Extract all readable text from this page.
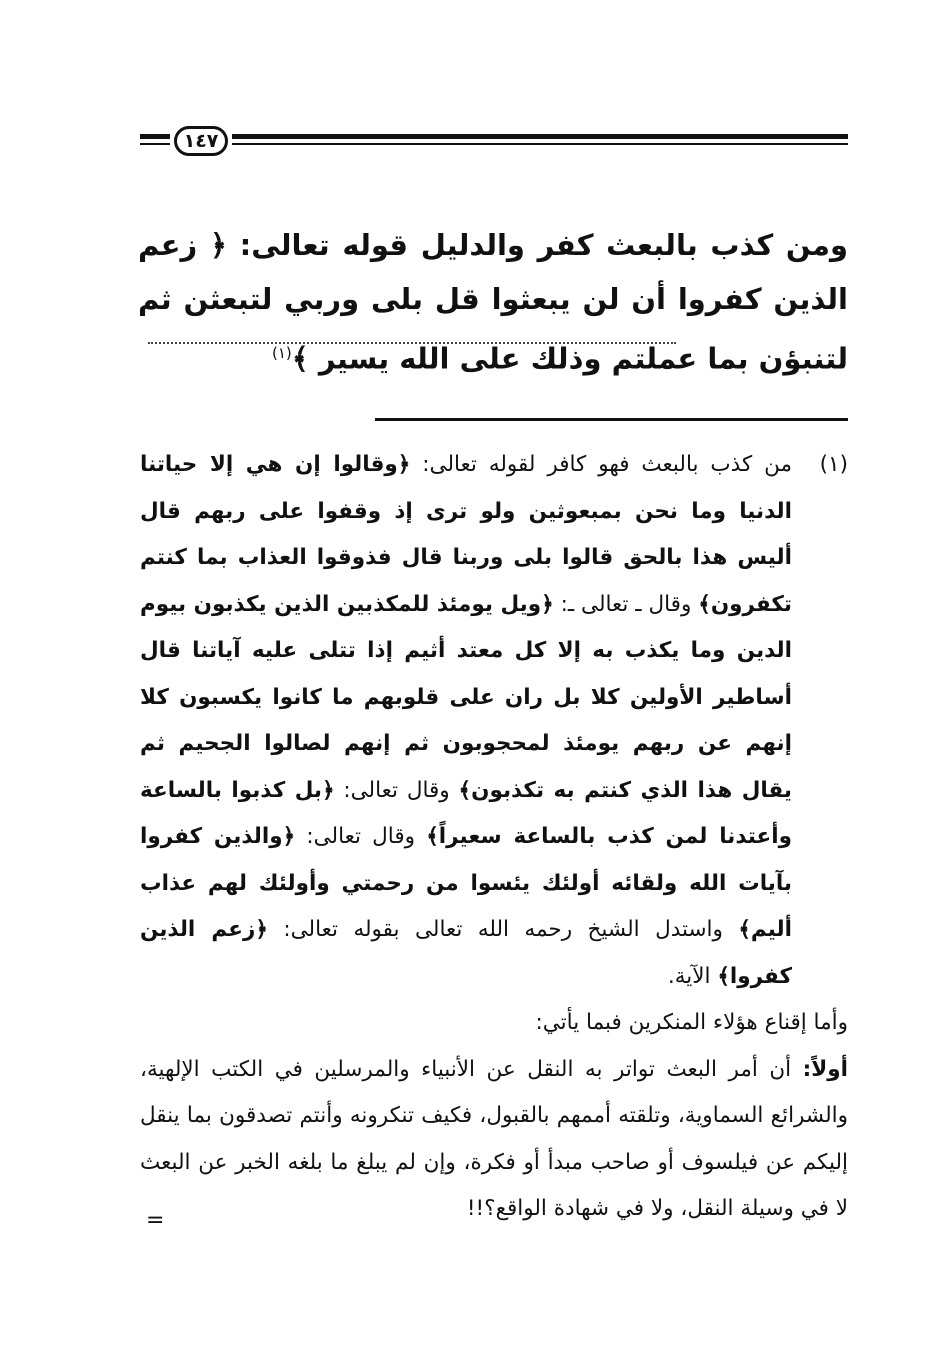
١٤٧
ومن كذب بالبعث كفر والدليل قوله تعالى: ﴿ زعم الذين كفروا أن لن يبعثوا قل بلى وربي لتبعثن ثم لتنبؤن بما عملتم وذلك على الله يسير ﴾$^{(١)}$
(١)
من كذب بالبعث فهو كافر لقوله تعالى: ﴿وقالوا إن هي إلا حياتنا الدنيا وما نحن بمبعوثين ولو ترى إذ وقفوا على ربهم قال أليس هذا بالحق قالوا بلى وربنا قال فذوقوا العذاب بما كنتم تكفرون﴾ وقال ـ تعالى ـ: ﴿ويل يومئذ للمكذبين الذين يكذبون بيوم الدين وما يكذب به إلا كل معتد أثيم إذا تتلى عليه آياتنا قال أساطير الأولين كلا بل ران على قلوبهم ما كانوا يكسبون كلا إنهم عن ربهم يومئذ لمحجوبون ثم إنهم لصالوا الجحيم ثم يقال هذا الذي كنتم به تكذبون﴾ وقال تعالى: ﴿بل كذبوا بالساعة وأعتدنا لمن كذب بالساعة سعيراً﴾ وقال تعالى: ﴿والذين كفروا بآيات الله ولقائه أولئك يئسوا من رحمتي وأولئك لهم عذاب أليم﴾ واستدل الشيخ رحمه الله تعالى بقوله تعالى: ﴿زعم الذين كفروا﴾ الآية.
وأما إقناع هؤلاء المنكرين فبما يأتي:
أولاً: أن أمر البعث تواتر به النقل عن الأنبياء والمرسلين في الكتب الإلهية، والشرائع السماوية، وتلقته أممهم بالقبول، فكيف تنكرونه وأنتم تصدقون بما ينقل إليكم عن فيلسوف أو صاحب مبدأ أو فكرة، وإن لم يبلغ ما بلغه الخبر عن البعث لا في وسيلة النقل، ولا في شهادة الواقع؟!!
=
